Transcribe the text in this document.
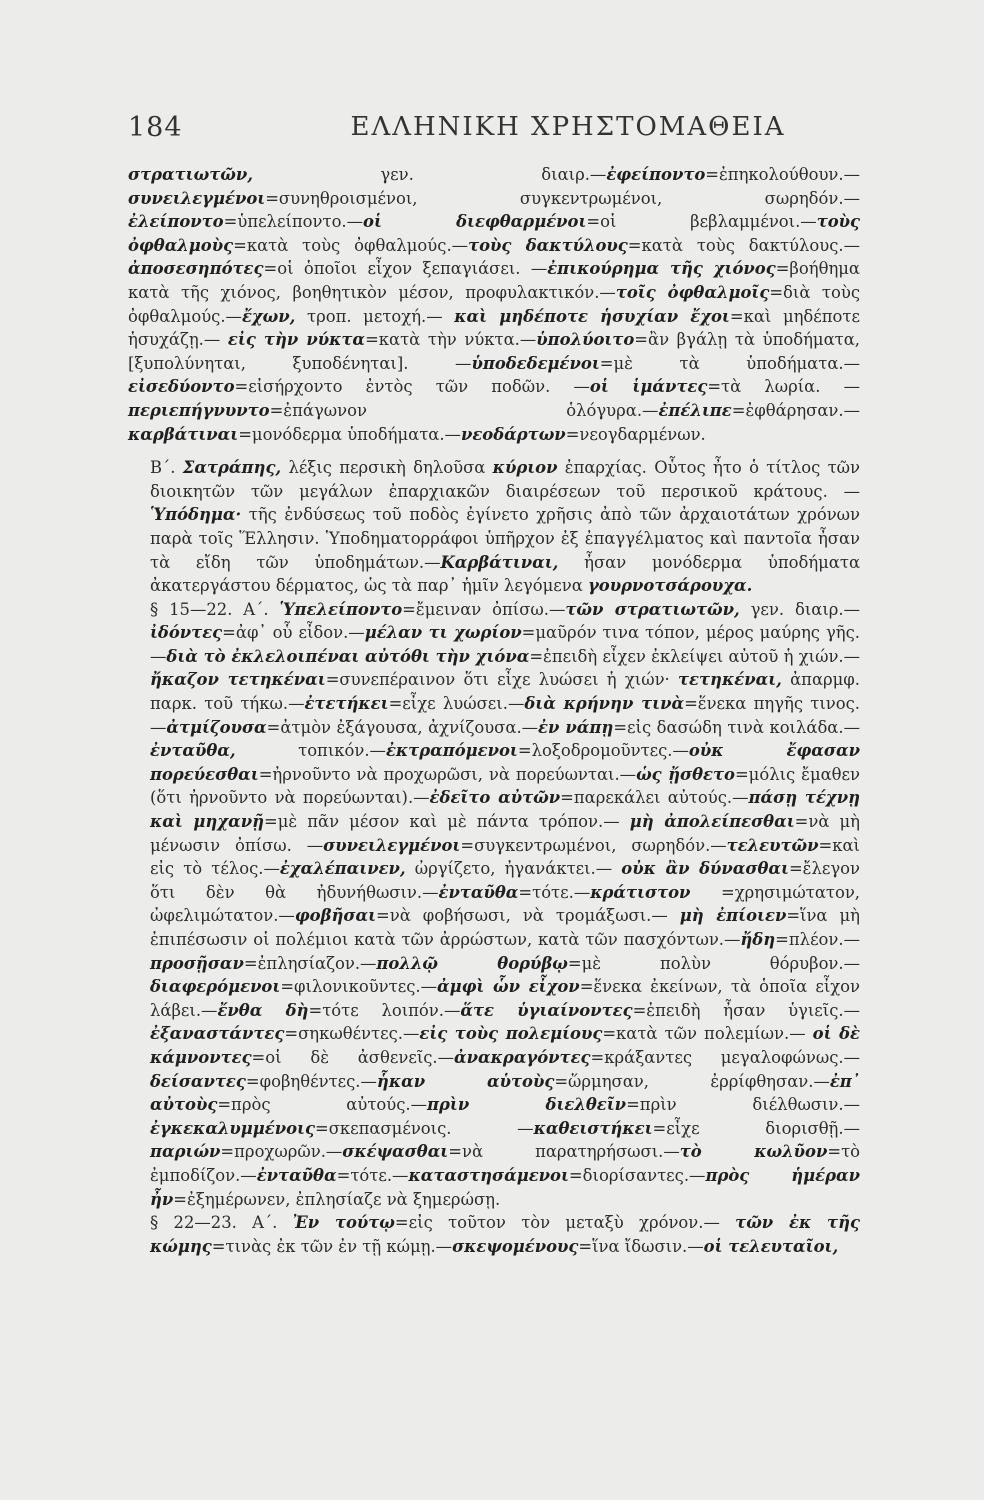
184	ΕΛΛΗΝΙΚΗ ΧΡΗΣΤΟΜΑΘΕΙΑ

στρατιωτῶν, γεν. διαιρ.—ἐφείποντο=ἐπηκολούθουν.—συνειλεγμένοι=συνηθροισμένοι, συγκεντρωμένοι, σωρηδόν.—ἐλείποντο=ὑπελείποντο.—οἱ διεφθαρμένοι=οἱ βεβλαμμένοι.—τοὺς ὀφθαλμοὺς=κατὰ τοὺς ὀφθαλμούς.—τοὺς δακτύλους=κατὰ τοὺς δακτύλους.—ἀποσεσηπότες=οἱ ὁποῖοι εἶχον ξεπαγιάσει. —ἐπικούρημα τῆς χιόνος=βοήθημα κατὰ τῆς χιόνος, βοηθητικὸν μέσον, προφυλακτικόν.—τοῖς ὀφθαλμοῖς=διὰ τοὺς ὀφθαλμούς.—ἔχων, τροπ. μετοχή.— καὶ μηδέποτε ἡσυχίαν ἔχοι=καὶ μηδέποτε ἡσυχάζῃ.— εἰς τὴν νύκτα=κατὰ τὴν νύκτα.—ὑπολύοιτο=ἂν βγάλῃ τὰ ὑποδήματα, [ξυπολύνηται, ξυποδένηται]. —ὑποδεδεμένοι=μὲ τὰ ὑποδήματα.—εἰσεδύοντο=εἰσήρχοντο ἐντὸς τῶν ποδῶν. —οἱ ἱμάντες=τὰ λωρία. — περιεπήγνυντο=ἐπάγωνον ὁλόγυρα.—ἐπέλιπε=ἐφθάρησαν.—καρβάτιναι=μονόδερμα ὑποδήματα.—νεοδάρτων=νεογδαρμένων.

Β΄. Σατράπης, λέξις περσικὴ δηλοῦσα κύριον ἐπαρχίας. Οὗτος ἦτο ὁ τίτλος τῶν διοικητῶν τῶν μεγάλων ἐπαρχιακῶν διαιρέσεων τοῦ περσικοῦ κράτους. —Ὑπόδημα· τῆς ἐνδύσεως τοῦ ποδὸς ἐγίνετο χρῆσις ἀπὸ τῶν ἀρχαιοτάτων χρόνων παρὰ τοῖς Ἕλλησιν. Ὑποδηματορράφοι ὑπῆρχον ἐξ ἐπαγγέλματος καὶ παντοῖα ἦσαν τὰ εἴδη τῶν ὑποδημάτων.—Καρβάτιναι, ἦσαν μονόδερμα ὑποδήματα ἀκατεργάστου δέρματος, ὡς τὰ παρ᾽ ἡμῖν λεγόμενα γουρνοτσάρουχα.

§ 15—22. Α΄. Ὑπελείποντο=ἔμειναν ὀπίσω.—τῶν στρατιωτῶν, γεν. διαιρ.—ἰδόντες=ἀφ᾽ οὗ εἶδον.—μέλαν τι χωρίον=μαῦρόν τινα τόπον, μέρος μαύρης γῆς.—διὰ τὸ ἐκλελοιπέναι αὐτόθι τὴν χιόνα=ἐπειδὴ εἶχεν ἐκλείψει αὐτοῦ ἡ χιών.—ἤκαζον τετηκέναι=συνεπέραινον ὅτι εἶχε λυώσει ἡ χιών· τετηκέναι, ἀπαρμφ. παρκ. τοῦ τήκω.—ἐτετήκει=εἶχε λυώσει.—διὰ κρήνην τινὰ=ἕνεκα πηγῆς τινος.—ἀτμίζουσα=ἀτμὸν ἐξάγουσα, ἀχνίζουσα.—ἐν νάπῃ=εἰς δασώδη τινὰ κοιλάδα.—ἐνταῦθα, τοπικόν.—ἐκτραπόμενοι=λοξοδρομοῦντες.—οὐκ ἔφασαν πορεύεσθαι=ἠρνοῦντο νὰ προχωρῶσι, νὰ πορεύωνται.—ὡς ᾔσθετο=μόλις ἔμαθεν (ὅτι ἠρνοῦντο νὰ πορεύωνται).—ἐδεῖτο αὐτῶν=παρεκάλει αὐτούς.—πάσῃ τέχνῃ καὶ μηχανῇ=μὲ πᾶν μέσον καὶ μὲ πάντα τρόπον.— μὴ ἀπολείπεσθαι=νὰ μὴ μένωσιν ὀπίσω. —συνειλεγμένοι=συγκεντρωμένοι, σωρηδόν.—τελευτῶν=καὶ εἰς τὸ τέλος.—ἐχαλέπαινεν, ὠργίζετο, ἠγανάκτει.— οὐκ ἂν δύνασθαι=ἔλεγον ὅτι δὲν θὰ ἠδυνήθωσιν.—ἐνταῦθα=τότε.—κράτιστον =χρησιμώτατον, ὠφελιμώτατον.—φοβῆσαι=νὰ φοβήσωσι, νὰ τρομάξωσι.— μὴ ἐπίοιεν=ἵνα μὴ ἐπιπέσωσιν οἱ πολέμιοι κατὰ τῶν ἀρρώστων, κατὰ τῶν πασχόντων.—ἤδη=πλέον.—προσῇσαν=ἐπλησίαζον.—πολλῷ θορύβῳ=μὲ πολὺν θόρυβον.—διαφερόμενοι=φιλονικοῦντες.—ἀμφὶ ὧν εἶχον=ἕνεκα ἐκείνων, τὰ ὁποῖα εἶχον λάβει.—ἔνθα δὴ=τότε λοιπόν.—ἅτε ὑγιαίνοντες=ἐπειδὴ ἦσαν ὑγιεῖς.—ἐξαναστάντες=σηκωθέντες.—εἰς τοὺς πολεμίους=κατὰ τῶν πολεμίων.— οἱ δὲ κάμνοντες=οἱ δὲ ἀσθενεῖς.—ἀνακραγόντες=κράξαντες μεγαλοφώνως.— δείσαντες=φοβηθέντες.—ἧκαν αὑτοὺς=ὥρμησαν, ἐρρίφθησαν.—ἐπ᾽ αὐτοὺς=πρὸς αὐτούς.—πρὶν διελθεῖν=πρὶν διέλθωσιν.—ἐγκεκαλυμμένοις=σκεπασμένοις. —καθειστήκει=εἶχε διορισθῇ.—παριών=προχωρῶν.—σκέψασθαι=νὰ παρατηρήσωσι.—τὸ κωλῦον=τὸ ἐμποδίζον.—ἐνταῦθα=τότε.—καταστησάμενοι=διορίσαντες.—πρὸς ἡμέραν ἦν=ἐξημέρωνεν, ἐπλησίαζε νὰ ξημερώσῃ.

§ 22—23. Α΄. Ἐν τούτῳ=εἰς τοῦτον τὸν μεταξὺ χρόνον.— τῶν ἐκ τῆς κώμης=τινὰς ἐκ τῶν ἐν τῇ κώμῃ.—σκεψομένους=ἵνα ἴδωσιν.—οἱ τελευταῖοι,
